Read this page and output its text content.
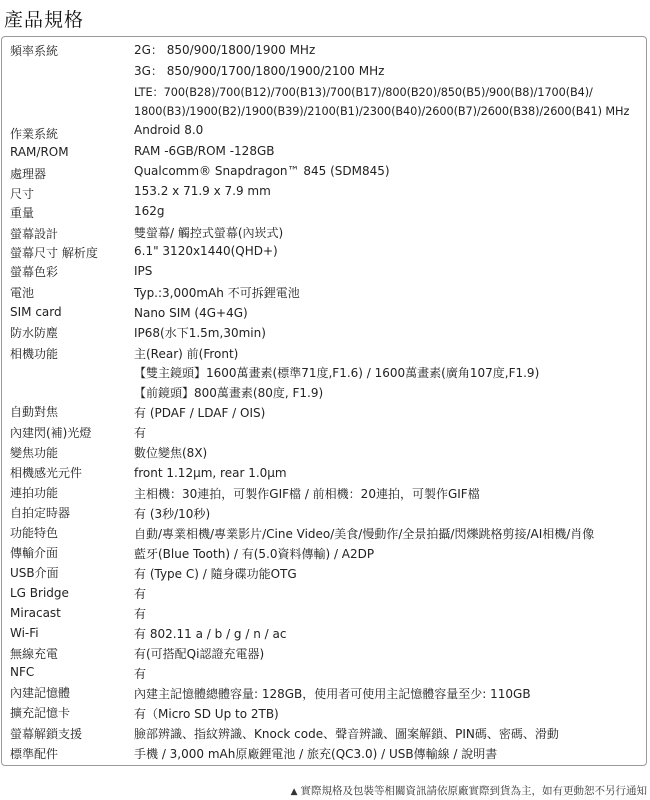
產品規格
▲ 實際規格及包裝等相關資訊請依原廠實際到貨為主，如有更動恕不另行通知
頻率系統	2G： 850/900/1800/1900 MHz
3G： 850/900/1700/1800/1900/2100 MHz
LTE：700(B28)/700(B12)/700(B13)/700(B17)/800(B20)/850(B5)/900(B8)/1700(B4)/
1800(B3)/1900(B2)/1900(B39)/2100(B1)/2300(B40)/2600(B7)/2600(B38)/2600(B41) MHz
作業系統	Android 8.0
RAM/ROM	RAM -6GB/ROM -128GB
處理器	Qualcomm® Snapdragon™ 845 (SDM845)
尺寸	153.2 x 71.9 x 7.9 mm
重量	162g
螢幕設計	雙螢幕/ 觸控式螢幕(內崁式)
螢幕尺寸 解析度	6.1" 3120x1440(QHD+)
螢幕色彩	IPS
電池	Typ.:3,000mAh 不可拆鋰電池
SIM card	Nano SIM (4G+4G)
防水防塵	IP68(水下1.5m,30min)
相機功能	主(Rear) 前(Front)
【雙主鏡頭】1600萬畫素(標準71度,F1.6) / 1600萬畫素(廣角107度,F1.9)
【前鏡頭】800萬畫素(80度, F1.9)
自動對焦	有 (PDAF / LDAF / OIS)
內建閃(補)光燈	有
變焦功能	數位變焦(8X)
相機感光元件	front 1.12μm, rear 1.0μm
連拍功能	主相機：30連拍，可製作GIF檔 / 前相機：20連拍，可製作GIF檔
自拍定時器	有 (3秒/10秒)
功能特色	自動/專業相機/專業影片/Cine Video/美食/慢動作/全景拍攝/閃爍跳格剪接/AI相機/肖像
傳輸介面	藍牙(Blue Tooth) / 有(5.0資料傳輸) / A2DP
USB介面	有 (Type C) / 隨身碟功能OTG
LG Bridge	有
Miracast	有
Wi-Fi	有 802.11 a / b / g / n / ac
無線充電	有(可搭配Qi認證充電器)
NFC	有
內建記憶體	內建主記憶體總體容量: 128GB，使用者可使用主記憶體容量至少: 110GB
擴充記憶卡	有（Micro SD Up to 2TB)
螢幕解鎖支援	臉部辨識、指紋辨識、Knock code、聲音辨識、圖案解鎖、PIN碼、密碼、滑動
標準配件	手機 / 3,000 mAh原廠鋰電池 / 旅充(QC3.0) / USB傳輸線 / 說明書
